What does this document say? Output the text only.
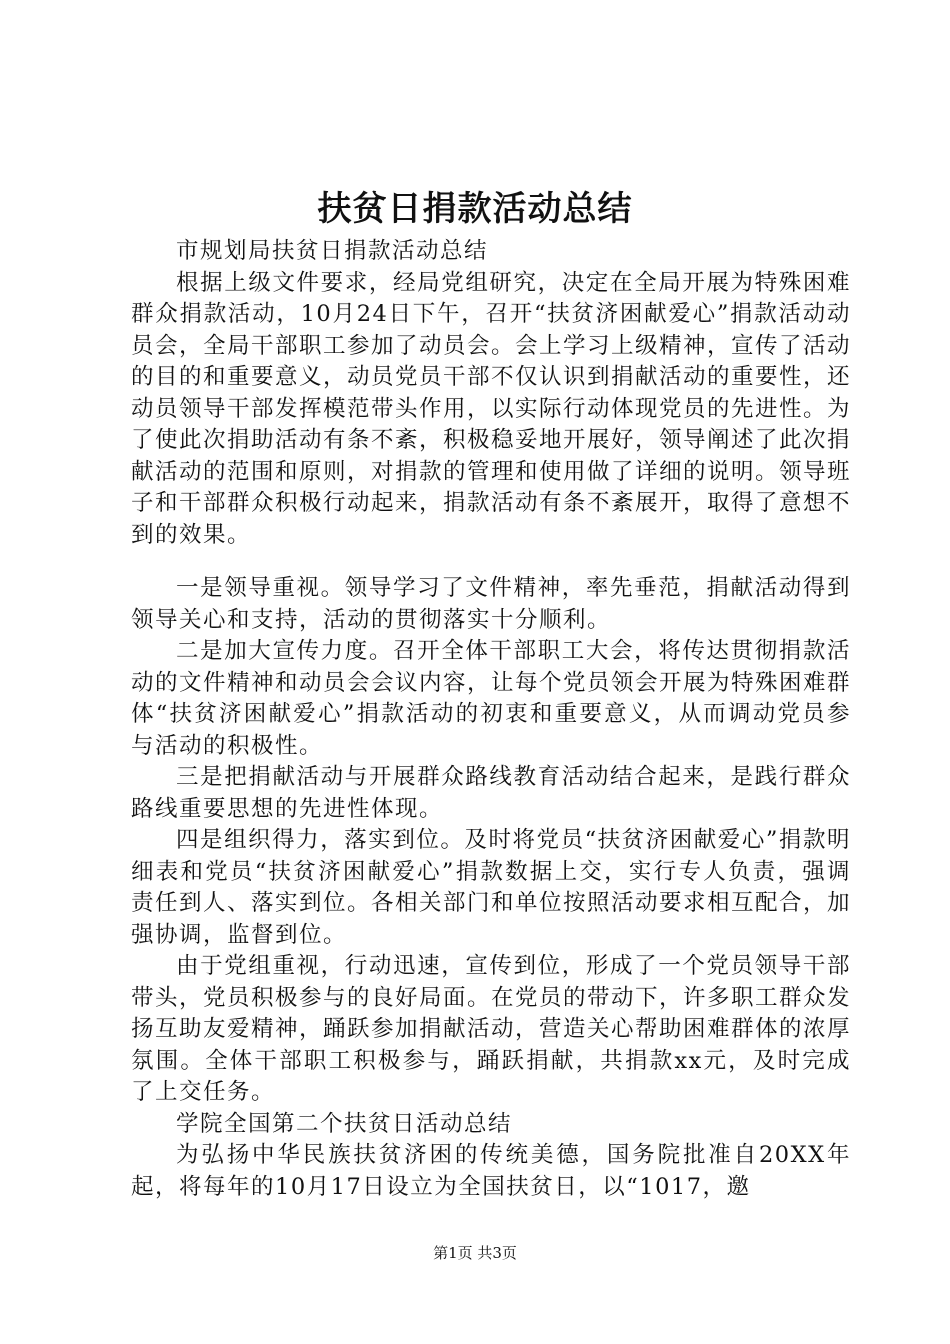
扶贫日捐款活动总结

市规划局扶贫日捐款活动总结

根据上级文件要求，经局党组研究，决定在全局开展为特殊困难群众捐款活动，10月24日下午，召开“扶贫济困献爱心”捐款活动动员会，全局干部职工参加了动员会。会上学习上级精神，宣传了活动的目的和重要意义，动员党员干部不仅认识到捐献活动的重要性，还动员领导干部发挥模范带头作用，以实际行动体现党员的先进性。为了使此次捐助活动有条不紊，积极稳妥地开展好，领导阐述了此次捐献活动的范围和原则，对捐款的管理和使用做了详细的说明。领导班子和干部群众积极行动起来，捐款活动有条不紊展开，取得了意想不到的效果。

一是领导重视。领导学习了文件精神，率先垂范，捐献活动得到领导关心和支持，活动的贯彻落实十分顺利。

二是加大宣传力度。召开全体干部职工大会，将传达贯彻捐款活动的文件精神和动员会会议内容，让每个党员领会开展为特殊困难群体“扶贫济困献爱心”捐款活动的初衷和重要意义，从而调动党员参与活动的积极性。

三是把捐献活动与开展群众路线教育活动结合起来，是践行群众路线重要思想的先进性体现。

四是组织得力，落实到位。及时将党员“扶贫济困献爱心”捐款明细表和党员“扶贫济困献爱心”捐款数据上交，实行专人负责，强调责任到人、落实到位。各相关部门和单位按照活动要求相互配合，加强协调，监督到位。

由于党组重视，行动迅速，宣传到位，形成了一个党员领导干部带头，党员积极参与的良好局面。在党员的带动下，许多职工群众发扬互助友爱精神，踊跃参加捐献活动，营造关心帮助困难群体的浓厚氛围。全体干部职工积极参与，踊跃捐献，共捐款xx元，及时完成了上交任务。

学院全国第二个扶贫日活动总结

为弘扬中华民族扶贫济困的传统美德，国务院批准自20XX年起，将每年的10月17日设立为全国扶贫日，以“1017，邀

第1页 共3页
